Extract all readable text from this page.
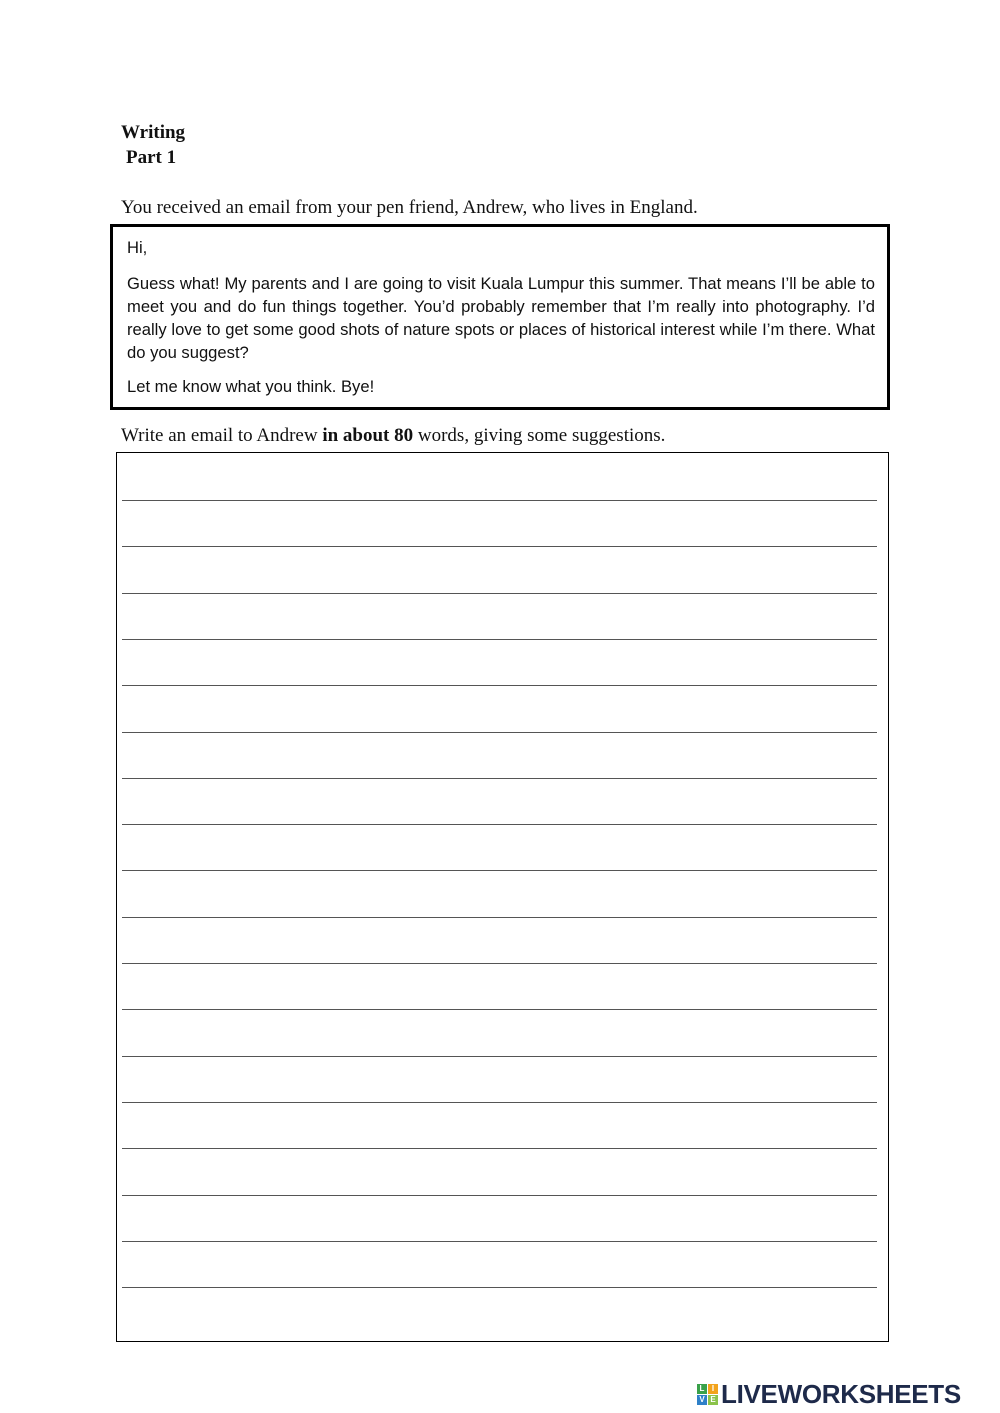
Writing
Part 1

You received an email from your pen friend, Andrew, who lives in England.

Hi,

Guess what! My parents and I are going to visit Kuala Lumpur this summer. That means I’ll be able to meet you and do fun things together. You’d probably remember that I’m really into photography. I’d really love to get some good shots of nature spots or places of historical interest while I’m there. What do you suggest?

Let me know what you think. Bye!

Write an email to Andrew in about 80 words, giving some suggestions.

L I
V E LIVEWORKSHEETS
